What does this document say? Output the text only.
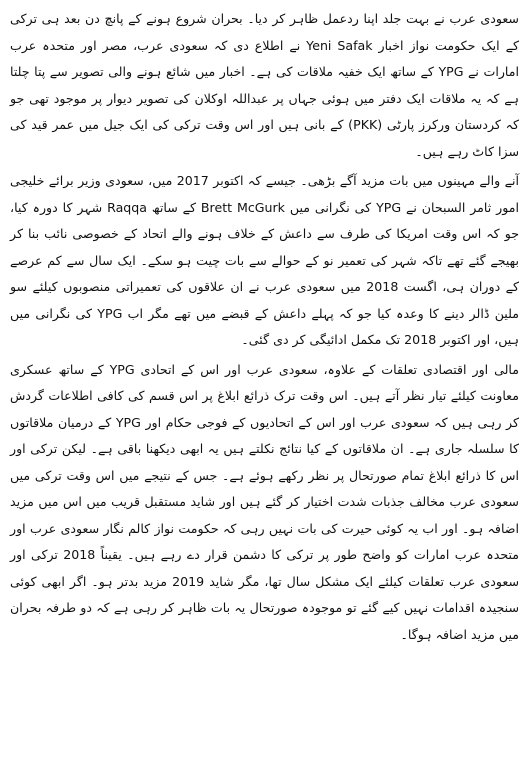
سعودی عرب نے بہت جلد اپنا ردعمل ظاہر کر دیا۔ بحران شروع ہونے کے پانچ دن بعد ہی ترکی کے ایک حکومت نواز اخبار Yeni Safak نے اطلاع دی کہ سعودی عرب، مصر اور متحدہ عرب امارات نے YPG کے ساتھ ایک خفیہ ملاقات کی ہے۔ اخبار میں شائع ہونے والی تصویر سے پتا چلتا ہے کہ یہ ملاقات ایک دفتر میں ہوئی جہاں پر عبداللہ اوکلان کی تصویر دیوار پر موجود تھی جو کہ کردستان ورکرز پارٹی (PKK) کے بانی ہیں اور اس وقت ترکی کی ایک جیل میں عمر قید کی سزا کاٹ رہے ہیں۔

آنے والے مہینوں میں بات مزید آگے بڑھی۔ جیسے کہ اکتوبر 2017 میں، سعودی وزیر برائے خلیجی امور ثامر السبحان نے YPG کی نگرانی میں Brett McGurk کے ساتھ Raqqa شہر کا دورہ کیا، جو کہ اس وقت امریکا کی طرف سے داعش کے خلاف ہونے والے اتحاد کے خصوصی نائب بنا کر بھیجے گئے تھے تاکہ شہر کی تعمیر نو کے حوالے سے بات چیت ہو سکے۔ ایک سال سے کم عرصے کے دوران ہی، اگست 2018 میں سعودی عرب نے ان علاقوں کی تعمیراتی منصوبوں کیلئے سو ملین ڈالر دینے کا وعدہ کیا جو کہ پہلے داعش کے قبضے میں تھے مگر اب YPG کی نگرانی میں ہیں، اور اکتوبر 2018 تک مکمل ادائیگی کر دی گئی۔

مالی اور اقتصادی تعلقات کے علاوہ، سعودی عرب اور اس کے اتحادی YPG کے ساتھ عسکری معاونت کیلئے تیار نظر آتے ہیں۔ اس وقت ترک ذرائع ابلاغ پر اس قسم کی کافی اطلاعات گردش کر رہی ہیں کہ سعودی عرب اور اس کے اتحادیوں کے فوجی حکام اور YPG کے درمیان ملاقاتوں کا سلسلہ جاری ہے۔ ان ملاقاتوں کے کیا نتائج نکلتے ہیں یہ ابھی دیکھنا باقی ہے۔ لیکن ترکی اور اس کا ذرائع ابلاغ تمام صورتحال پر نظر رکھے ہوئے ہے۔ جس کے نتیجے میں اس وقت ترکی میں سعودی عرب مخالف جذبات شدت اختیار کر گئے ہیں اور شاید مستقبل قریب میں اس میں مزید اضافہ ہو۔ اور اب یہ کوئی حیرت کی بات نہیں رہی کہ حکومت نواز کالم نگار سعودی عرب اور متحدہ عرب امارات کو واضح طور پر ترکی کا دشمن قرار دے رہے ہیں۔ یقیناً 2018 ترکی اور سعودی عرب تعلقات کیلئے ایک مشکل سال تھا، مگر شاید 2019 مزید بدتر ہو۔ اگر ابھی کوئی سنجیدہ اقدامات نہیں کیے گئے تو موجودہ صورتحال یہ بات ظاہر کر رہی ہے کہ دو طرفہ بحران میں مزید اضافہ ہوگا۔
